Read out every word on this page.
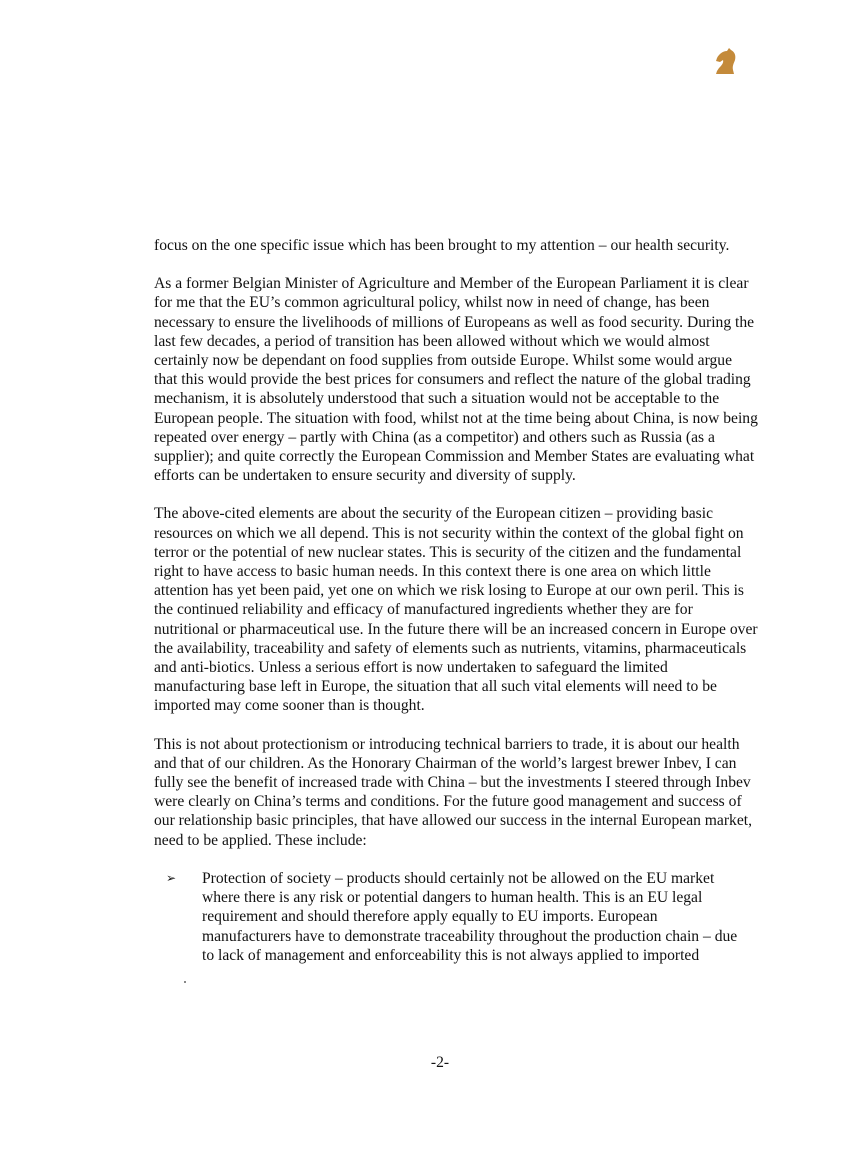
focus on the one specific issue which has been brought to my attention – our health security.

As a former Belgian Minister of Agriculture and Member of the European Parliament it is clear for me that the EU’s common agricultural policy, whilst now in need of change, has been necessary to ensure the livelihoods of millions of Europeans as well as food security. During the last few decades, a period of transition has been allowed without which we would almost certainly now be dependant on food supplies from outside Europe. Whilst some would argue that this would provide the best prices for consumers and reflect the nature of the global trading mechanism, it is absolutely understood that such a situation would not be acceptable to the European people. The situation with food, whilst not at the time being about China, is now being repeated over energy – partly with China (as a competitor) and others such as Russia (as a supplier); and quite correctly the European Commission and Member States are evaluating what efforts can be undertaken to ensure security and diversity of supply.

The above-cited elements are about the security of the European citizen – providing basic resources on which we all depend. This is not security within the context of the global fight on terror or the potential of new nuclear states. This is security of the citizen and the fundamental right to have access to basic human needs. In this context there is one area on which little attention has yet been paid, yet one on which we risk losing to Europe at our own peril. This is the continued reliability and efficacy of manufactured ingredients whether they are for nutritional or pharmaceutical use. In the future there will be an increased concern in Europe over the availability, traceability and safety of elements such as nutrients, vitamins, pharmaceuticals and anti-biotics. Unless a serious effort is now undertaken to safeguard the limited manufacturing base left in Europe, the situation that all such vital elements will need to be imported may come sooner than is thought.

This is not about protectionism or introducing technical barriers to trade, it is about our health and that of our children. As the Honorary Chairman of the world’s largest brewer Inbev, I can fully see the benefit of increased trade with China – but the investments I steered through Inbev were clearly on China’s terms and conditions. For the future good management and success of our relationship basic principles, that have allowed our success in the internal European market, need to be applied. These include:

➢ Protection of society – products should certainly not be allowed on the EU market where there is any risk or potential dangers to human health. This is an EU legal requirement and should therefore apply equally to EU imports. European manufacturers have to demonstrate traceability throughout the production chain – due to lack of management and enforceability this is not always applied to imported
-2-
